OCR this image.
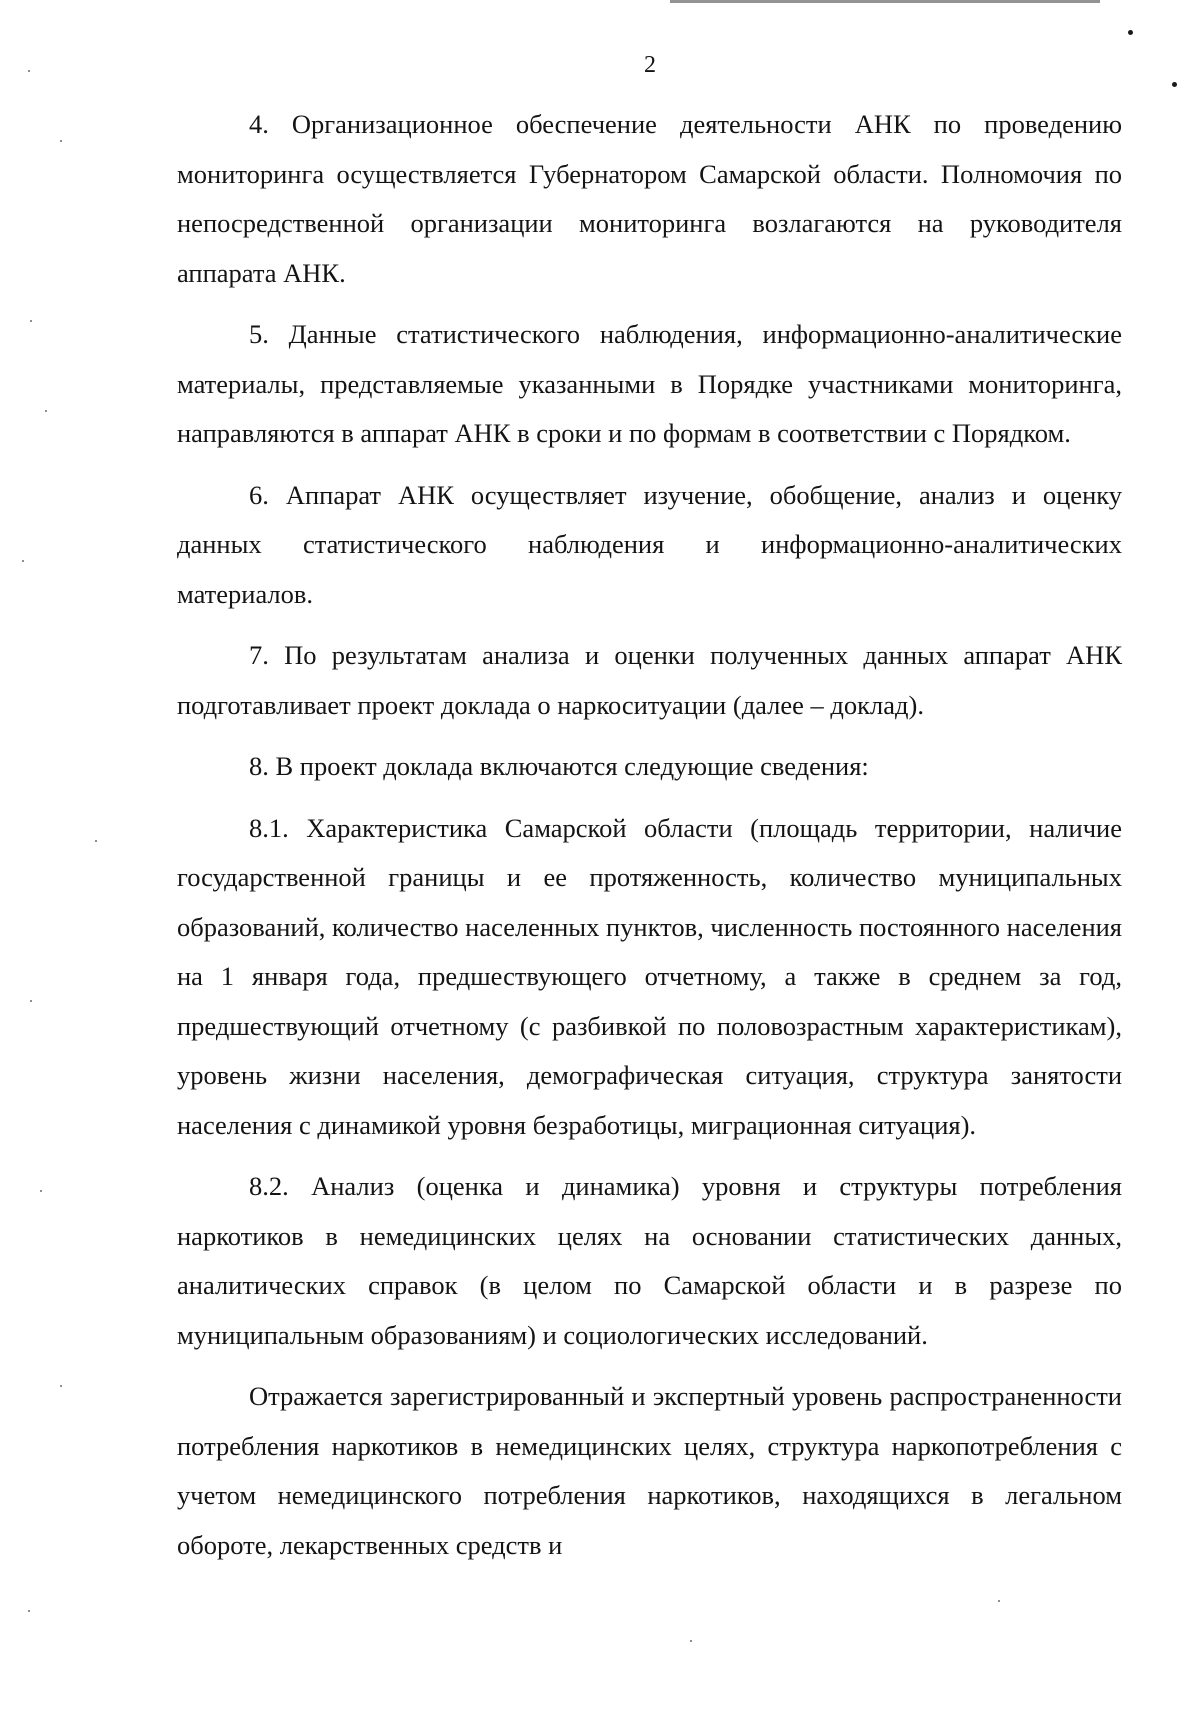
2

4. Организационное обеспечение деятельности АНК по проведению мониторинга осуществляется Губернатором Самарской области. Полномочия по непосредственной организации мониторинга возлагаются на руководителя аппарата АНК.

5. Данные статистического наблюдения, информационно-аналитические материалы, представляемые указанными в Порядке участниками мониторинга, направляются в аппарат АНК в сроки и по формам в соответствии с Порядком.

6. Аппарат АНК осуществляет изучение, обобщение, анализ и оценку данных статистического наблюдения и информационно-аналитических материалов.

7. По результатам анализа и оценки полученных данных аппарат АНК подготавливает проект доклада о наркоситуации (далее – доклад).

8. В проект доклада включаются следующие сведения:

8.1. Характеристика Самарской области (площадь территории, наличие государственной границы и ее протяженность, количество муниципальных образований, количество населенных пунктов, численность постоянного населения на 1 января года, предшествующего отчетному, а также в среднем за год, предшествующий отчетному (с разбивкой по половозрастным характеристикам), уровень жизни населения, демографическая ситуация, структура занятости населения с динамикой уровня безработицы, миграционная ситуация).

8.2. Анализ (оценка и динамика) уровня и структуры потребления наркотиков в немедицинских целях на основании статистических данных, аналитических справок (в целом по Самарской области и в разрезе по муниципальным образованиям) и социологических исследований.

Отражается зарегистрированный и экспертный уровень распространенности потребления наркотиков в немедицинских целях, структура наркопотребления с учетом немедицинского потребления наркотиков, находящихся в легальном обороте, лекарственных средств и
